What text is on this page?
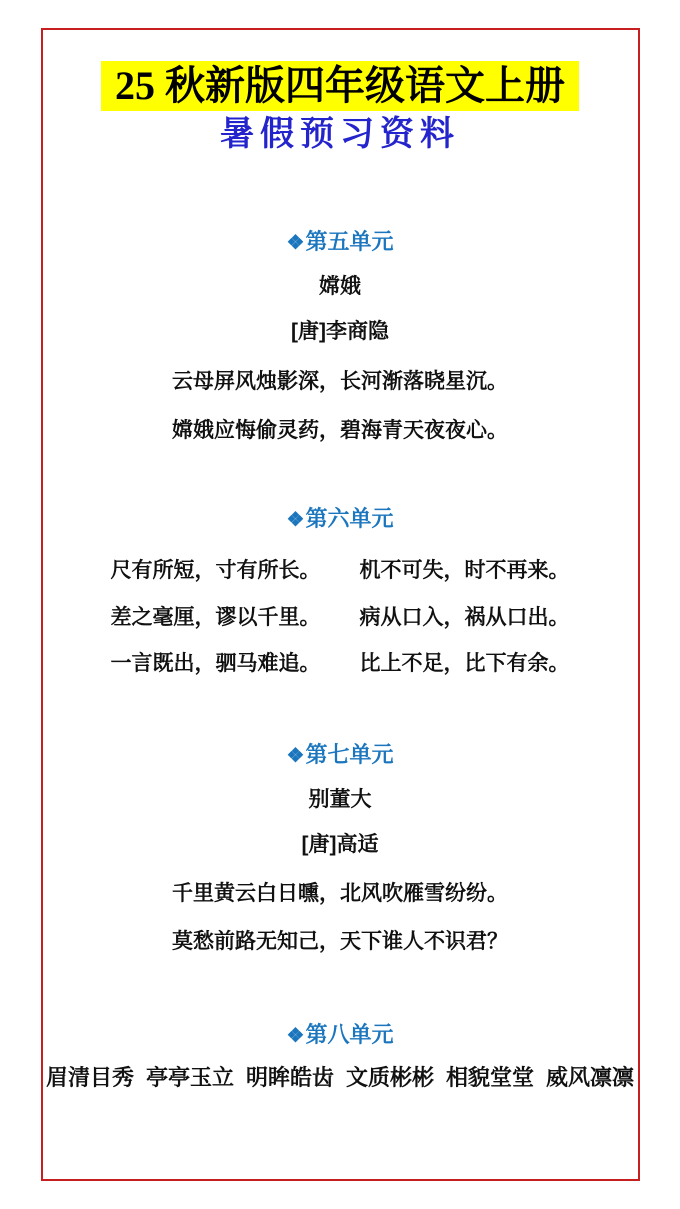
25 秋新版四年级语文上册
暑假预习资料
❖第五单元
嫦娥
[唐]李商隐
云母屏风烛影深，长河渐落晓星沉。
嫦娥应悔偷灵药，碧海青天夜夜心。
❖第六单元
尺有所短，寸有所长。 机不可失，时不再来。
差之毫厘，谬以千里。 病从口入，祸从口出。
一言既出，驷马难追。 比上不足，比下有余。
❖第七单元
别董大
[唐]高适
千里黄云白日曛，北风吹雁雪纷纷。
莫愁前路无知己，天下谁人不识君？
❖第八单元
眉清目秀 亭亭玉立 明眸皓齿 文质彬彬 相貌堂堂 威风凛凛
